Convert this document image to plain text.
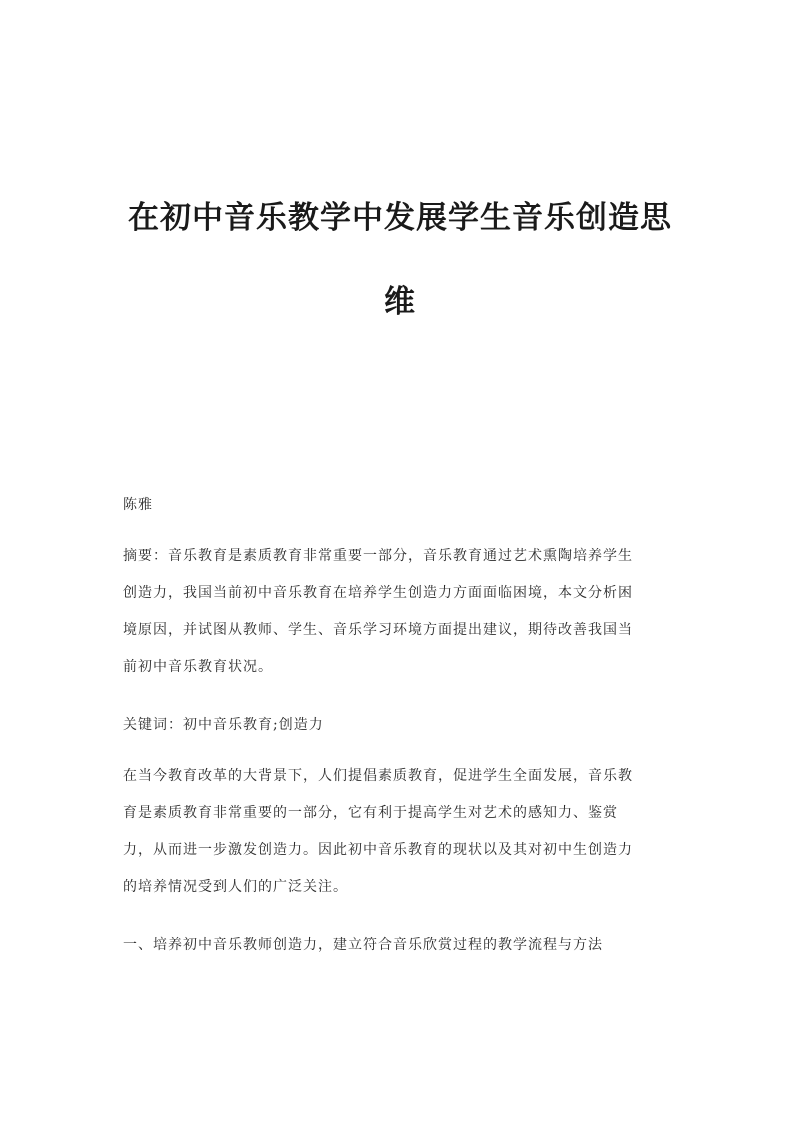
在初中音乐教学中发展学生音乐创造思
维

陈雅

摘要：音乐教育是素质教育非常重要一部分，音乐教育通过艺术熏陶培养学生

创造力，我国当前初中音乐教育在培养学生创造力方面面临困境，本文分析困

境原因，并试图从教师、学生、音乐学习环境方面提出建议，期待改善我国当

前初中音乐教育状况。

关键词：初中音乐教育;创造力

在当今教育改革的大背景下，人们提倡素质教育，促进学生全面发展，音乐教

育是素质教育非常重要的一部分，它有利于提高学生对艺术的感知力、鉴赏

力，从而进一步激发创造力。因此初中音乐教育的现状以及其对初中生创造力

的培养情况受到人们的广泛关注。

一、培养初中音乐教师创造力，建立符合音乐欣赏过程的教学流程与方法
